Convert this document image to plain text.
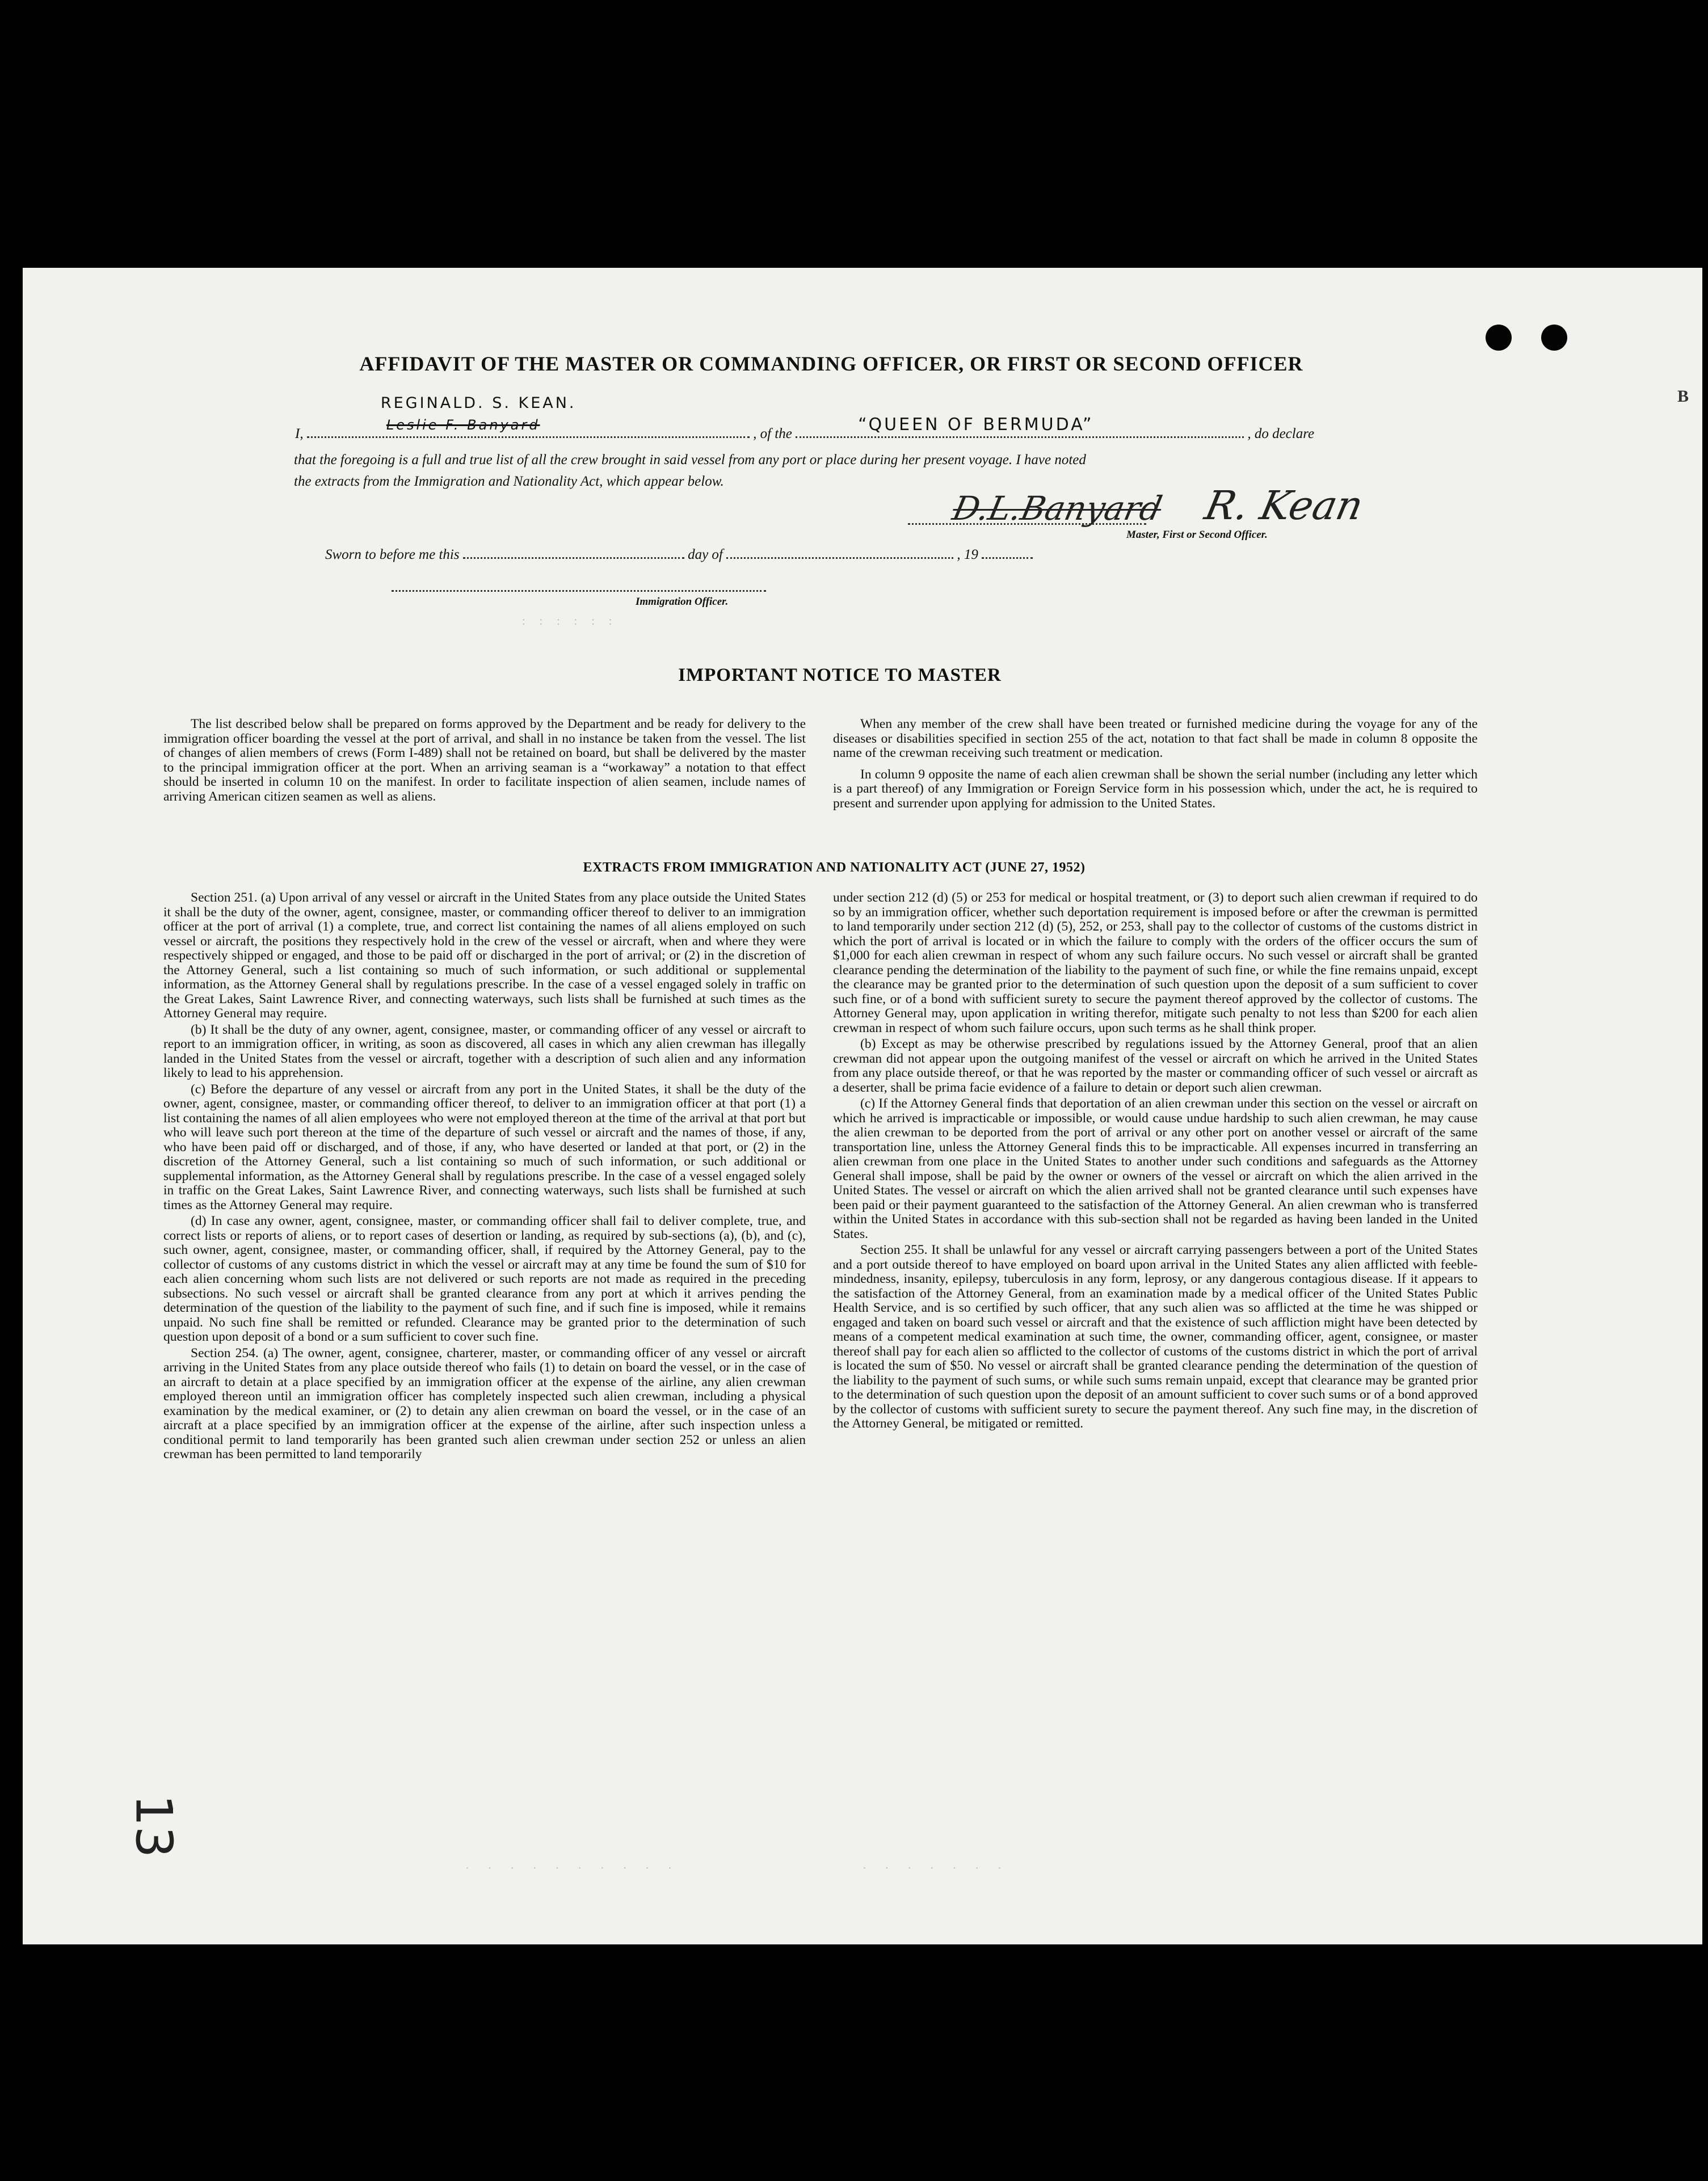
B
AFFIDAVIT OF THE MASTER OR COMMANDING OFFICER, OR FIRST OR SECOND OFFICER
I,
REGINALD. S. KEAN.
Leslie F. Banyard
, of the	“QUEEN OF BERMUDA”	, do declare
that the foregoing is a full and true list of all the crew brought in said vessel from any port or place during her present voyage. I have noted
the extracts from the Immigration and Nationality Act, which appear below.
D.L.Banyard R. Kean
Master, First or Second Officer.
Sworn to before me this	day of	, 19
Immigration Officer.
: : : : : :
IMPORTANT NOTICE TO MASTER

The list described below shall be prepared on forms approved by the Department and be ready for delivery to the immigration officer boarding the vessel at the port of arrival, and shall in no instance be taken from the vessel. The list of changes of alien members of crews (Form I-489) shall not be retained on board, but shall be delivered by the master to the principal immigration officer at the port. When an arriving seaman is a “workaway” a notation to that effect should be inserted in column 10 on the manifest. In order to facilitate inspection of alien seamen, include names of arriving American citizen seamen as well as aliens.

When any member of the crew shall have been treated or furnished medicine during the voyage for any of the diseases or disabilities specified in section 255 of the act, notation to that fact shall be made in column 8 opposite the name of the crewman receiving such treatment or medication.

In column 9 opposite the name of each alien crewman shall be shown the serial number (including any letter which is a part thereof) of any Immigration or Foreign Service form in his possession which, under the act, he is required to present and surrender upon applying for admission to the United States.

EXTRACTS FROM IMMIGRATION AND NATIONALITY ACT (JUNE 27, 1952)

Section 251. (a) Upon arrival of any vessel or aircraft in the United States from any place outside the United States it shall be the duty of the owner, agent, consignee, master, or commanding officer thereof to deliver to an immigration officer at the port of arrival (1) a complete, true, and correct list containing the names of all aliens employed on such vessel or aircraft, the positions they respectively hold in the crew of the vessel or aircraft, when and where they were respectively shipped or engaged, and those to be paid off or discharged in the port of arrival; or (2) in the discretion of the Attorney General, such a list containing so much of such information, or such additional or supplemental information, as the Attorney General shall by regulations prescribe. In the case of a vessel engaged solely in traffic on the Great Lakes, Saint Lawrence River, and connecting waterways, such lists shall be furnished at such times as the Attorney General may require.

(b) It shall be the duty of any owner, agent, consignee, master, or commanding officer of any vessel or aircraft to report to an immigration officer, in writing, as soon as discovered, all cases in which any alien crewman has illegally landed in the United States from the vessel or aircraft, together with a description of such alien and any information likely to lead to his apprehension.

(c) Before the departure of any vessel or aircraft from any port in the United States, it shall be the duty of the owner, agent, consignee, master, or commanding officer thereof, to deliver to an immigration officer at that port (1) a list containing the names of all alien employees who were not employed thereon at the time of the arrival at that port but who will leave such port thereon at the time of the departure of such vessel or aircraft and the names of those, if any, who have been paid off or discharged, and of those, if any, who have deserted or landed at that port, or (2) in the discretion of the Attorney General, such a list containing so much of such information, or such additional or supplemental information, as the Attorney General shall by regulations prescribe. In the case of a vessel engaged solely in traffic on the Great Lakes, Saint Lawrence River, and connecting waterways, such lists shall be furnished at such times as the Attorney General may require.

(d) In case any owner, agent, consignee, master, or commanding officer shall fail to deliver complete, true, and correct lists or reports of aliens, or to report cases of desertion or landing, as required by sub-sections (a), (b), and (c), such owner, agent, consignee, master, or commanding officer, shall, if required by the Attorney General, pay to the collector of customs of any customs district in which the vessel or aircraft may at any time be found the sum of $10 for each alien concerning whom such lists are not delivered or such reports are not made as required in the preceding subsections. No such vessel or aircraft shall be granted clearance from any port at which it arrives pending the determination of the question of the liability to the payment of such fine, and if such fine is imposed, while it remains unpaid. No such fine shall be remitted or refunded. Clearance may be granted prior to the determination of such question upon deposit of a bond or a sum sufficient to cover such fine.

Section 254. (a) The owner, agent, consignee, charterer, master, or commanding officer of any vessel or aircraft arriving in the United States from any place outside thereof who fails (1) to detain on board the vessel, or in the case of an aircraft to detain at a place specified by an immigration officer at the expense of the airline, any alien crewman employed thereon until an immigration officer has completely inspected such alien crewman, including a physical examination by the medical examiner, or (2) to detain any alien crewman on board the vessel, or in the case of an aircraft at a place specified by an immigration officer at the expense of the airline, after such inspection unless a conditional permit to land temporarily has been granted such alien crewman under section 252 or unless an alien crewman has been permitted to land temporarily

under section 212 (d) (5) or 253 for medical or hospital treatment, or (3) to deport such alien crewman if required to do so by an immigration officer, whether such deportation requirement is imposed before or after the crewman is permitted to land temporarily under section 212 (d) (5), 252, or 253, shall pay to the collector of customs of the customs district in which the port of arrival is located or in which the failure to comply with the orders of the officer occurs the sum of $1,000 for each alien crewman in respect of whom any such failure occurs. No such vessel or aircraft shall be granted clearance pending the determination of the liability to the payment of such fine, or while the fine remains unpaid, except the clearance may be granted prior to the determination of such question upon the deposit of a sum sufficient to cover such fine, or of a bond with sufficient surety to secure the payment thereof approved by the collector of customs. The Attorney General may, upon application in writing therefor, mitigate such penalty to not less than $200 for each alien crewman in respect of whom such failure occurs, upon such terms as he shall think proper.

(b) Except as may be otherwise prescribed by regulations issued by the Attorney General, proof that an alien crewman did not appear upon the outgoing manifest of the vessel or aircraft on which he arrived in the United States from any place outside thereof, or that he was reported by the master or commanding officer of such vessel or aircraft as a deserter, shall be prima facie evidence of a failure to detain or deport such alien crewman.

(c) If the Attorney General finds that deportation of an alien crewman under this section on the vessel or aircraft on which he arrived is impracticable or impossible, or would cause undue hardship to such alien crewman, he may cause the alien crewman to be deported from the port of arrival or any other port on another vessel or aircraft of the same transportation line, unless the Attorney General finds this to be impracticable. All expenses incurred in transferring an alien crewman from one place in the United States to another under such conditions and safeguards as the Attorney General shall impose, shall be paid by the owner or owners of the vessel or aircraft on which the alien arrived in the United States. The vessel or aircraft on which the alien arrived shall not be granted clearance until such expenses have been paid or their payment guaranteed to the satisfaction of the Attorney General. An alien crewman who is transferred within the United States in accordance with this sub-section shall not be regarded as having been landed in the United States.

Section 255. It shall be unlawful for any vessel or aircraft carrying passengers between a port of the United States and a port outside thereof to have employed on board upon arrival in the United States any alien afflicted with feeble-mindedness, insanity, epilepsy, tuberculosis in any form, leprosy, or any dangerous contagious disease. If it appears to the satisfaction of the Attorney General, from an examination made by a medical officer of the United States Public Health Service, and is so certified by such officer, that any such alien was so afflicted at the time he was shipped or engaged and taken on board such vessel or aircraft and that the existence of such affliction might have been detected by means of a competent medical examination at such time, the owner, commanding officer, agent, consignee, or master thereof shall pay for each alien so afflicted to the collector of customs of the customs district in which the port of arrival is located the sum of $50. No vessel or aircraft shall be granted clearance pending the determination of the question of the liability to the payment of such sums, or while such sums remain unpaid, except that clearance may be granted prior to the determination of such question upon the deposit of an amount sufficient to cover such sums or of a bond approved by the collector of customs with sufficient surety to secure the payment thereof. Any such fine may, in the discretion of the Attorney General, be mitigated or remitted.

· · · · · · · · · ·	· · · · · · ·
13
